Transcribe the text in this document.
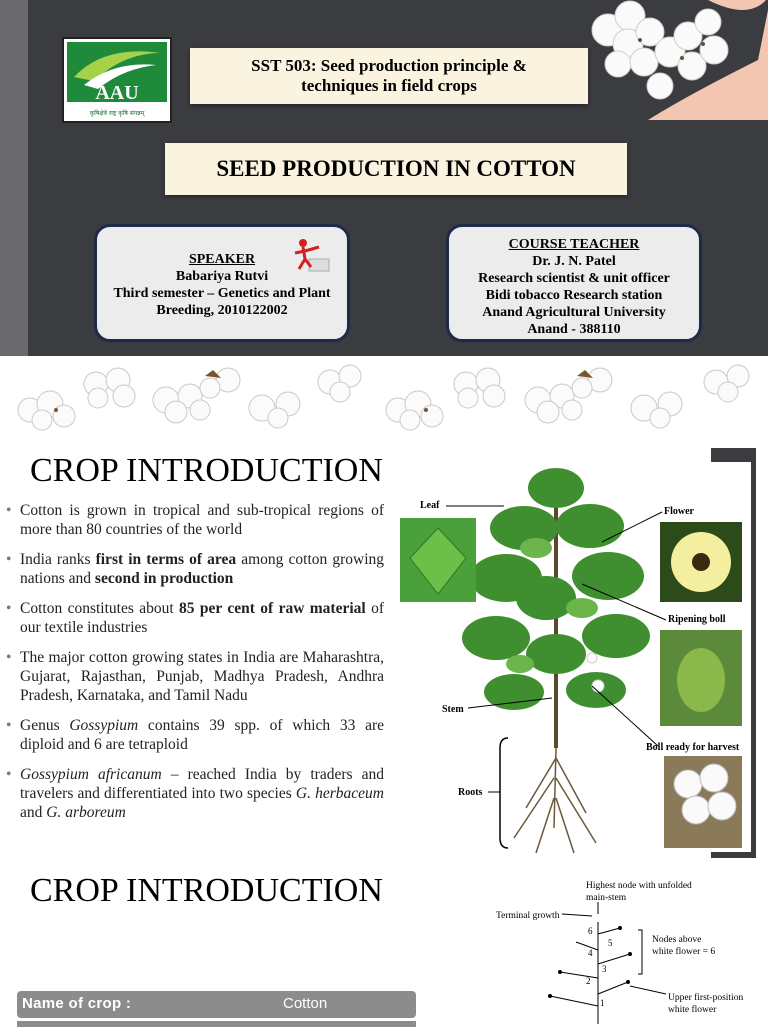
AAU
कृषिक्षेत्रे राष्ट्र कृषि संपन्नम्
SST 503: Seed production principle &
techniques in field crops
SEED PRODUCTION IN COTTON
SPEAKER
Babariya Rutvi
Third semester – Genetics and Plant
Breeding, 2010122002
COURSE TEACHER
Dr. J. N. Patel
Research scientist & unit officer
Bidi tobacco Research station
Anand Agricultural University
Anand - 388110
CROP INTRODUCTION
• Cotton is grown in tropical and sub-tropical regions of more than 80 countries of the world
• India ranks first in terms of area among cotton growing nations and second in production
• Cotton constitutes about 85 per cent of raw material of our textile industries
• The major cotton growing states in India are Maharashtra, Gujarat, Rajasthan, Punjab, Madhya Pradesh, Andhra Pradesh, Karnataka, and Tamil Nadu
• Genus Gossypium contains 39 spp. of which 33 are diploid and 6 are tetraploid
• Gossypium africanum – reached India by traders and travelers and differentiated into two species G. herbaceum and G. arboreum
Leaf
Flower
Ripening boll
Stem
Boll ready for harvest
Roots
CROP INTRODUCTION	Highest node with unfolded
main-stem
Terminal growth
Nodes above
white flower = 6
Upper first-position
white flower
6
5
4
3
2
1
Name of crop :	Cotton
